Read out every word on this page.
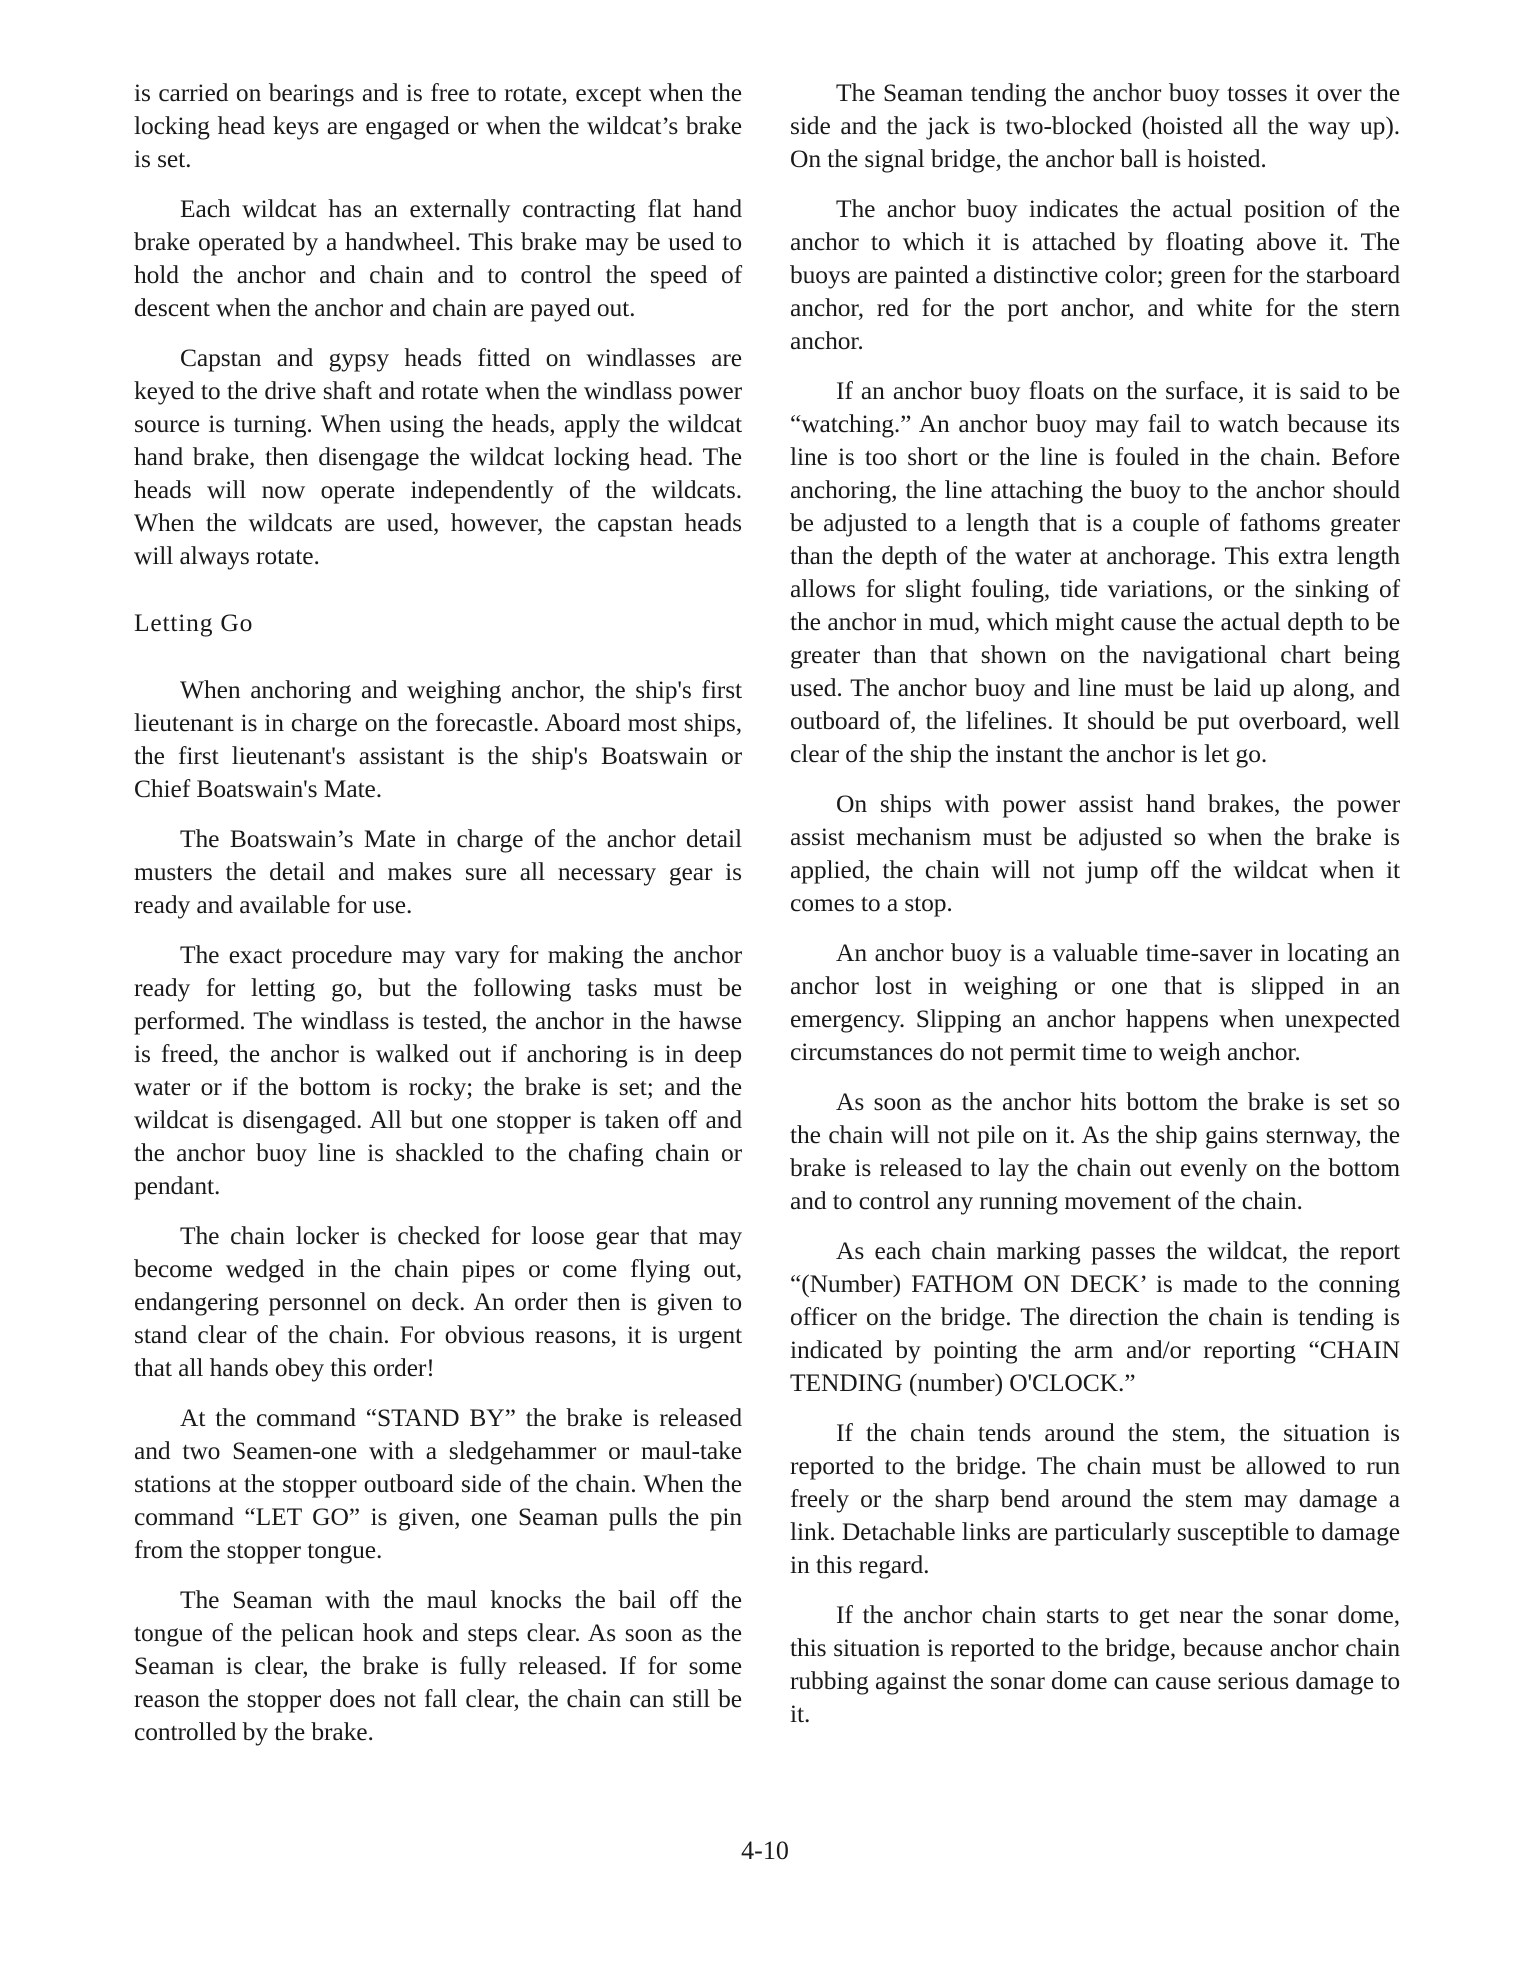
is carried on bearings and is free to rotate, except when the locking head keys are engaged or when the wildcat’s brake is set.

Each wildcat has an externally contracting flat hand brake operated by a handwheel. This brake may be used to hold the anchor and chain and to control the speed of descent when the anchor and chain are payed out.

Capstan and gypsy heads fitted on windlasses are keyed to the drive shaft and rotate when the windlass power source is turning. When using the heads, apply the wildcat hand brake, then disengage the wildcat locking head. The heads will now operate independently of the wildcats. When the wildcats are used, however, the capstan heads will always rotate.

Letting Go

When anchoring and weighing anchor, the ship's first lieutenant is in charge on the forecastle. Aboard most ships, the first lieutenant's assistant is the ship's Boatswain or Chief Boatswain's Mate.

The Boatswain’s Mate in charge of the anchor detail musters the detail and makes sure all necessary gear is ready and available for use.

The exact procedure may vary for making the anchor ready for letting go, but the following tasks must be performed. The windlass is tested, the anchor in the hawse is freed, the anchor is walked out if anchoring is in deep water or if the bottom is rocky; the brake is set; and the wildcat is disengaged. All but one stopper is taken off and the anchor buoy line is shackled to the chafing chain or pendant.

The chain locker is checked for loose gear that may become wedged in the chain pipes or come flying out, endangering personnel on deck. An order then is given to stand clear of the chain. For obvious reasons, it is urgent that all hands obey this order!

At the command “STAND BY” the brake is released and two Seamen-one with a sledgehammer or maul-take stations at the stopper outboard side of the chain. When the command “LET GO” is given, one Seaman pulls the pin from the stopper tongue.

The Seaman with the maul knocks the bail off the tongue of the pelican hook and steps clear. As soon as the Seaman is clear, the brake is fully released. If for some reason the stopper does not fall clear, the chain can still be controlled by the brake.

The Seaman tending the anchor buoy tosses it over the side and the jack is two-blocked (hoisted all the way up). On the signal bridge, the anchor ball is hoisted.

The anchor buoy indicates the actual position of the anchor to which it is attached by floating above it. The buoys are painted a distinctive color; green for the starboard anchor, red for the port anchor, and white for the stern anchor.

If an anchor buoy floats on the surface, it is said to be “watching.” An anchor buoy may fail to watch because its line is too short or the line is fouled in the chain. Before anchoring, the line attaching the buoy to the anchor should be adjusted to a length that is a couple of fathoms greater than the depth of the water at anchorage. This extra length allows for slight fouling, tide variations, or the sinking of the anchor in mud, which might cause the actual depth to be greater than that shown on the navigational chart being used. The anchor buoy and line must be laid up along, and outboard of, the lifelines. It should be put overboard, well clear of the ship the instant the anchor is let go.

On ships with power assist hand brakes, the power assist mechanism must be adjusted so when the brake is applied, the chain will not jump off the wildcat when it comes to a stop.

An anchor buoy is a valuable time-saver in locating an anchor lost in weighing or one that is slipped in an emergency. Slipping an anchor happens when unexpected circumstances do not permit time to weigh anchor.

As soon as the anchor hits bottom the brake is set so the chain will not pile on it. As the ship gains sternway, the brake is released to lay the chain out evenly on the bottom and to control any running movement of the chain.

As each chain marking passes the wildcat, the report “(Number) FATHOM ON DECK’ is made to the conning officer on the bridge. The direction the chain is tending is indicated by pointing the arm and/or reporting “CHAIN TENDING (number) O'CLOCK.”

If the chain tends around the stem, the situation is reported to the bridge. The chain must be allowed to run freely or the sharp bend around the stem may damage a link. Detachable links are particularly susceptible to damage in this regard.

If the anchor chain starts to get near the sonar dome, this situation is reported to the bridge, because anchor chain rubbing against the sonar dome can cause serious damage to it.

4-10
